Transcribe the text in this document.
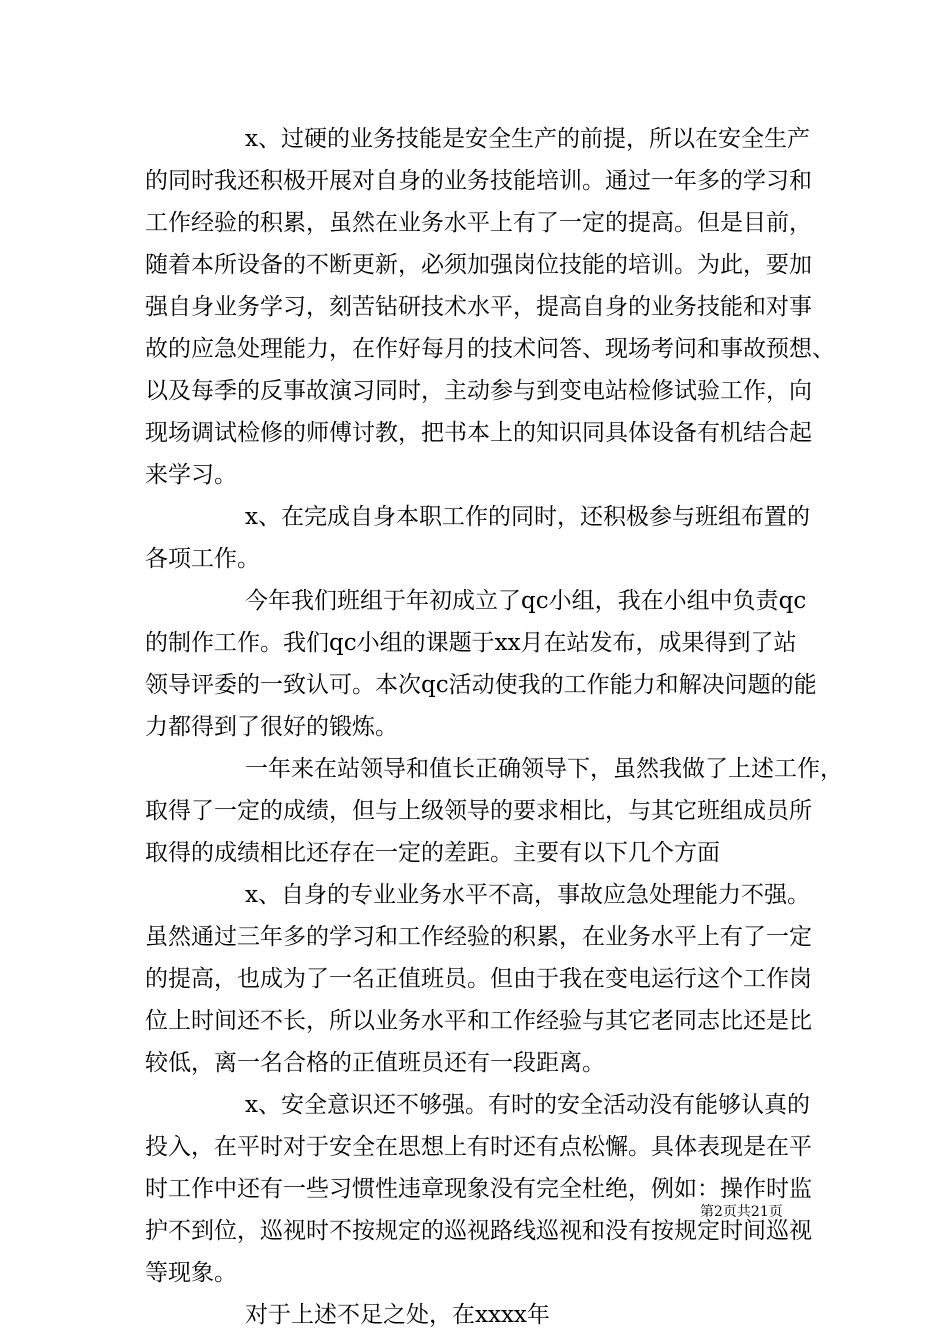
x、过硬的业务技能是安全生产的前提，所以在安全生产
的同时我还积极开展对自身的业务技能培训。通过一年多的学习和
工作经验的积累，虽然在业务水平上有了一定的提高。但是目前，
随着本所设备的不断更新，必须加强岗位技能的培训。为此，要加
强自身业务学习，刻苦钻研技术水平，提高自身的业务技能和对事
故的应急处理能力，在作好每月的技术问答、现场考问和事故预想、
以及每季的反事故演习同时，主动参与到变电站检修试验工作，向
现场调试检修的师傅讨教，把书本上的知识同具体设备有机结合起
来学习。
x、在完成自身本职工作的同时，还积极参与班组布置的
各项工作。
今年我们班组于年初成立了qc小组，我在小组中负责qc
的制作工作。我们qc小组的课题于xx月在站发布，成果得到了站
领导评委的一致认可。本次qc活动使我的工作能力和解决问题的能
力都得到了很好的锻炼。
一年来在站领导和值长正确领导下，虽然我做了上述工作，
取得了一定的成绩，但与上级领导的要求相比，与其它班组成员所
取得的成绩相比还存在一定的差距。主要有以下几个方面
x、自身的专业业务水平不高，事故应急处理能力不强。
虽然通过三年多的学习和工作经验的积累，在业务水平上有了一定
的提高，也成为了一名正值班员。但由于我在变电运行这个工作岗
位上时间还不长，所以业务水平和工作经验与其它老同志比还是比
较低，离一名合格的正值班员还有一段距离。
x、安全意识还不够强。有时的安全活动没有能够认真的
投入，在平时对于安全在思想上有时还有点松懈。具体表现是在平
时工作中还有一些习惯性违章现象没有完全杜绝，例如：操作时监
护不到位，巡视时不按规定的巡视路线巡视和没有按规定时间巡视
等现象。
对于上述不足之处，在xxxx年
第2页共21页
